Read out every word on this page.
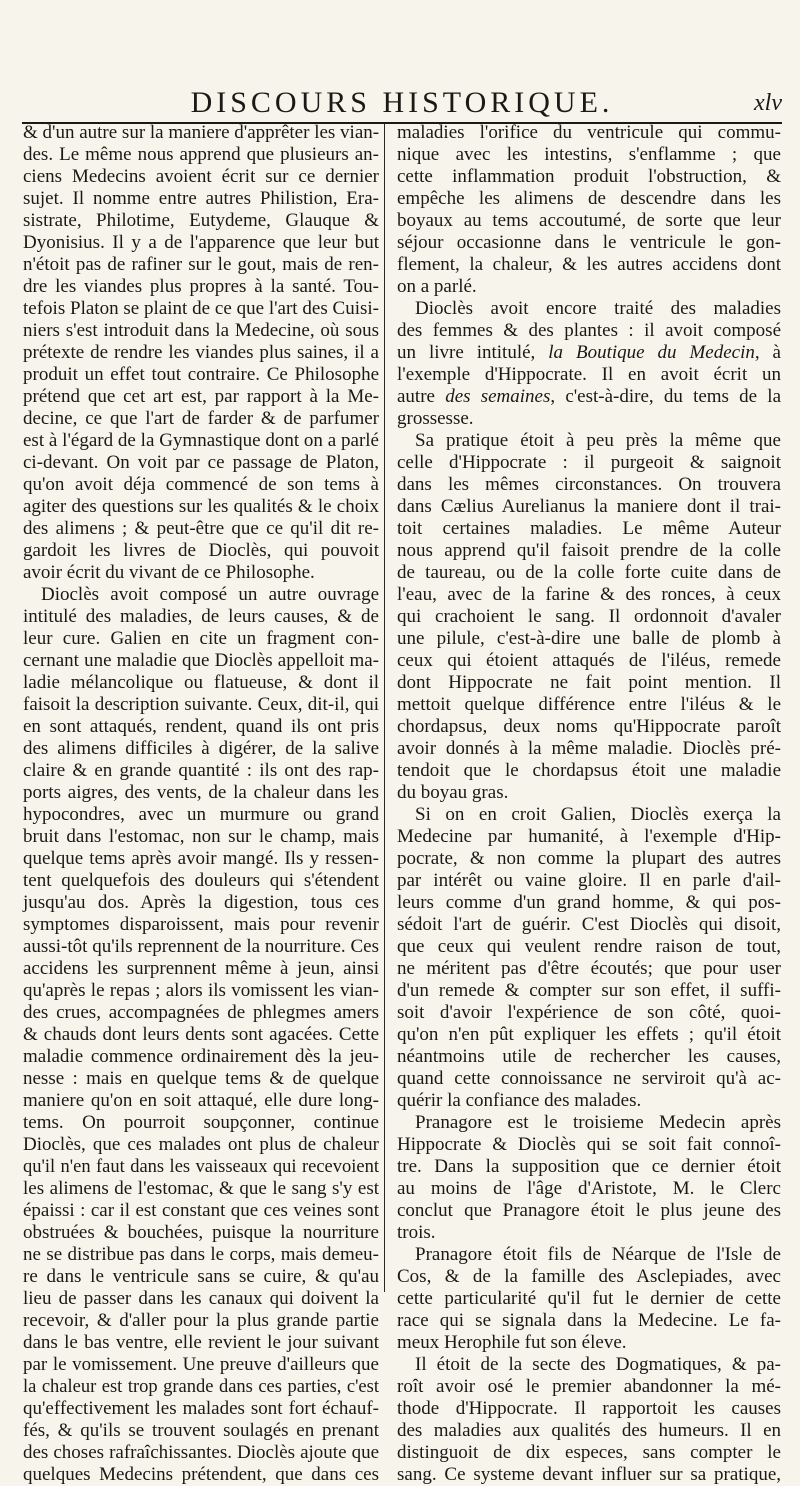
DISCOURS HISTORIQUE.	xlv
& d'un autre sur la maniere d'apprêter les vian-
des. Le même nous apprend que plusieurs an-
ciens Medecins avoient écrit sur ce dernier
sujet. Il nomme entre autres Philistion, Era-
sistrate, Philotime, Eutydeme, Glauque &
Dyonisius. Il y a de l'apparence que leur but
n'étoit pas de rafiner sur le gout, mais de ren-
dre les viandes plus propres à la santé. Tou-
tefois Platon se plaint de ce que l'art des Cuisi-
niers s'est introduit dans la Medecine, où sous
prétexte de rendre les viandes plus saines, il a
produit un effet tout contraire. Ce Philosophe
prétend que cet art est, par rapport à la Me-
decine, ce que l'art de farder & de parfumer
est à l'égard de la Gymnastique dont on a parlé
ci-devant. On voit par ce passage de Platon,
qu'on avoit déja commencé de son tems à
agiter des questions sur les qualités & le choix
des alimens ; & peut-être que ce qu'il dit re-
gardoit les livres de Dioclès, qui pouvoit
avoir écrit du vivant de ce Philosophe.
Dioclès avoit composé un autre ouvrage
intitulé des maladies, de leurs causes, & de
leur cure. Galien en cite un fragment con-
cernant une maladie que Dioclès appelloit ma-
ladie mélancolique ou flatueuse, & dont il
faisoit la description suivante. Ceux, dit-il, qui
en sont attaqués, rendent, quand ils ont pris
des alimens difficiles à digérer, de la salive
claire & en grande quantité : ils ont des rap-
ports aigres, des vents, de la chaleur dans les
hypocondres, avec un murmure ou grand
bruit dans l'estomac, non sur le champ, mais
quelque tems après avoir mangé. Ils y ressen-
tent quelquefois des douleurs qui s'étendent
jusqu'au dos. Après la digestion, tous ces
symptomes disparoissent, mais pour revenir
aussi-tôt qu'ils reprennent de la nourriture. Ces
accidens les surprennent même à jeun, ainsi
qu'après le repas ; alors ils vomissent les vian-
des crues, accompagnées de phlegmes amers
& chauds dont leurs dents sont agacées. Cette
maladie commence ordinairement dès la jeu-
nesse : mais en quelque tems & de quelque
maniere qu'on en soit attaqué, elle dure long-
tems. On pourroit soupçonner, continue
Dioclès, que ces malades ont plus de chaleur
qu'il n'en faut dans les vaisseaux qui recevoient
les alimens de l'estomac, & que le sang s'y est
épaissi : car il est constant que ces veines sont
obstruées & bouchées, puisque la nourriture
ne se distribue pas dans le corps, mais demeu-
re dans le ventricule sans se cuire, & qu'au
lieu de passer dans les canaux qui doivent la
recevoir, & d'aller pour la plus grande partie
dans le bas ventre, elle revient le jour suivant
par le vomissement. Une preuve d'ailleurs que
la chaleur est trop grande dans ces parties, c'est
qu'effectivement les malades sont fort échauf-
fés, & qu'ils se trouvent soulagés en prenant
des choses rafraîchissantes. Dioclès ajoute que
quelques Medecins prétendent, que dans ces
maladies l'orifice du ventricule qui commu-
nique avec les intestins, s'enflamme ; que
cette inflammation produit l'obstruction, &
empêche les alimens de descendre dans les
boyaux au tems accoutumé, de sorte que leur
séjour occasionne dans le ventricule le gon-
flement, la chaleur, & les autres accidens dont
on a parlé.
Dioclès avoit encore traité des maladies
des femmes & des plantes : il avoit composé
un livre intitulé, la Boutique du Medecin, à
l'exemple d'Hippocrate. Il en avoit écrit un
autre des semaines, c'est-à-dire, du tems de la
grossesse.
Sa pratique étoit à peu près la même que
celle d'Hippocrate : il purgeoit & saignoit
dans les mêmes circonstances. On trouvera
dans Cælius Aurelianus la maniere dont il trai-
toit certaines maladies. Le même Auteur
nous apprend qu'il faisoit prendre de la colle
de taureau, ou de la colle forte cuite dans de
l'eau, avec de la farine & des ronces, à ceux
qui crachoient le sang. Il ordonnoit d'avaler
une pilule, c'est-à-dire une balle de plomb à
ceux qui étoient attaqués de l'iléus, remede
dont Hippocrate ne fait point mention. Il
mettoit quelque différence entre l'iléus & le
chordapsus, deux noms qu'Hippocrate paroît
avoir donnés à la même maladie. Dioclès pré-
tendoit que le chordapsus étoit une maladie
du boyau gras.
Si on en croit Galien, Dioclès exerça la
Medecine par humanité, à l'exemple d'Hip-
pocrate, & non comme la plupart des autres
par intérêt ou vaine gloire. Il en parle d'ail-
leurs comme d'un grand homme, & qui pos-
sédoit l'art de guérir. C'est Dioclès qui disoit,
que ceux qui veulent rendre raison de tout,
ne méritent pas d'être écoutés; que pour user
d'un remede & compter sur son effet, il suffi-
soit d'avoir l'expérience de son côté, quoi-
qu'on n'en pût expliquer les effets ; qu'il étoit
néantmoins utile de rechercher les causes,
quand cette connoissance ne serviroit qu'à ac-
quérir la confiance des malades.
Pranagore est le troisieme Medecin après
Hippocrate & Dioclès qui se soit fait connoî-
tre. Dans la supposition que ce dernier étoit
au moins de l'âge d'Aristote, M. le Clerc
conclut que Pranagore étoit le plus jeune des
trois.
Pranagore étoit fils de Néarque de l'Isle de
Cos, & de la famille des Asclepiades, avec
cette particularité qu'il fut le dernier de cette
race qui se signala dans la Medecine. Le fa-
meux Herophile fut son éleve.
Il étoit de la secte des Dogmatiques, & pa-
roît avoir osé le premier abandonner la mé-
thode d'Hippocrate. Il rapportoit les causes
des maladies aux qualités des humeurs. Il en
distinguoit de dix especes, sans compter le
sang. Ce systeme devant influer sur sa pratique,
